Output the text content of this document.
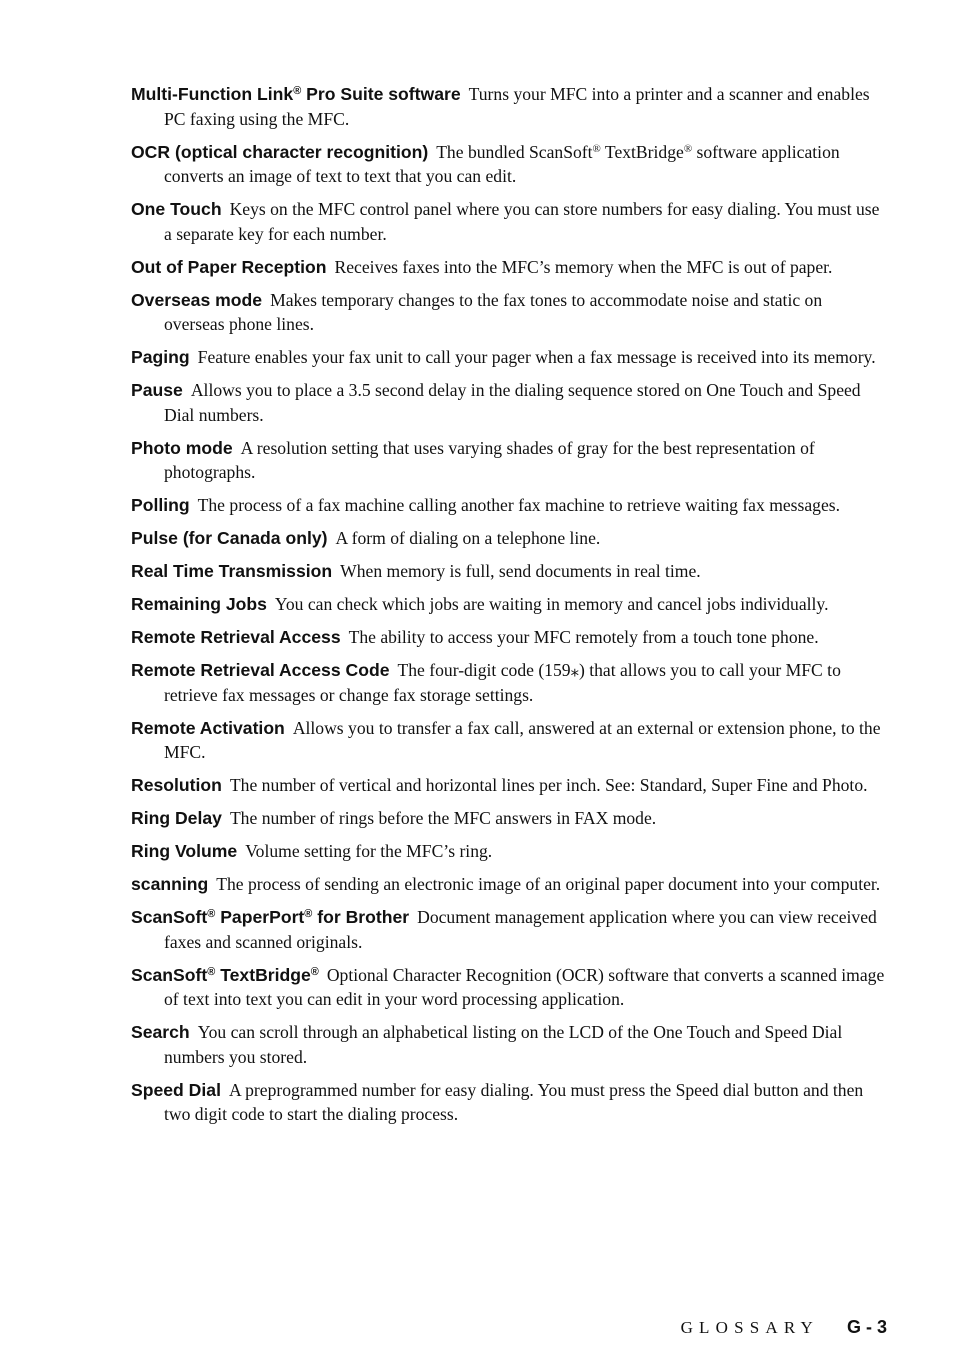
Multi-Function Link® Pro Suite software Turns your MFC into a printer and a scanner and enables PC faxing using the MFC.

OCR (optical character recognition) The bundled ScanSoft® TextBridge® software application converts an image of text to text that you can edit.

One Touch Keys on the MFC control panel where you can store numbers for easy dialing. You must use a separate key for each number.

Out of Paper Reception Receives faxes into the MFC’s memory when the MFC is out of paper.

Overseas mode Makes temporary changes to the fax tones to accommodate noise and static on overseas phone lines.

Paging Feature enables your fax unit to call your pager when a fax message is received into its memory.

Pause Allows you to place a 3.5 second delay in the dialing sequence stored on One Touch and Speed Dial numbers.

Photo mode A resolution setting that uses varying shades of gray for the best representation of photographs.

Polling The process of a fax machine calling another fax machine to retrieve waiting fax messages.

Pulse (for Canada only) A form of dialing on a telephone line.

Real Time Transmission When memory is full, send documents in real time.

Remaining Jobs You can check which jobs are waiting in memory and cancel jobs individually.

Remote Retrieval Access The ability to access your MFC remotely from a touch tone phone.

Remote Retrieval Access Code The four-digit code (159⁎) that allows you to call your MFC to retrieve fax messages or change fax storage settings.

Remote Activation Allows you to transfer a fax call, answered at an external or extension phone, to the MFC.

Resolution The number of vertical and horizontal lines per inch. See: Standard, Super Fine and Photo.

Ring Delay The number of rings before the MFC answers in FAX mode.

Ring Volume Volume setting for the MFC’s ring.

scanning The process of sending an electronic image of an original paper document into your computer.

ScanSoft® PaperPort® for Brother Document management application where you can view received faxes and scanned originals.

ScanSoft® TextBridge® Optional Character Recognition (OCR) software that converts a scanned image of text into text you can edit in your word processing application.

Search You can scroll through an alphabetical listing on the LCD of the One Touch and Speed Dial numbers you stored.

Speed Dial A preprogrammed number for easy dialing. You must press the Speed dial button and then two digit code to start the dialing process.

GLOSSARY G - 3
